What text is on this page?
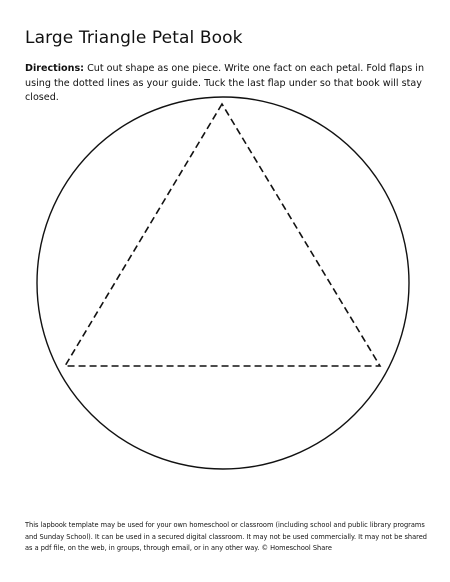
Large Triangle Petal Book
Directions: Cut out shape as one piece. Write one fact on each petal. Fold flaps in using the dotted lines as your guide. Tuck the last flap under so that book will stay closed.
This lapbook template may be used for your own homeschool or classroom (including school and public library programs and Sunday School). It can be used in a secured digital classroom. It may not be used commercially. It may not be shared as a pdf file, on the web, in groups, through email, or in any other way. © Homeschool Share
